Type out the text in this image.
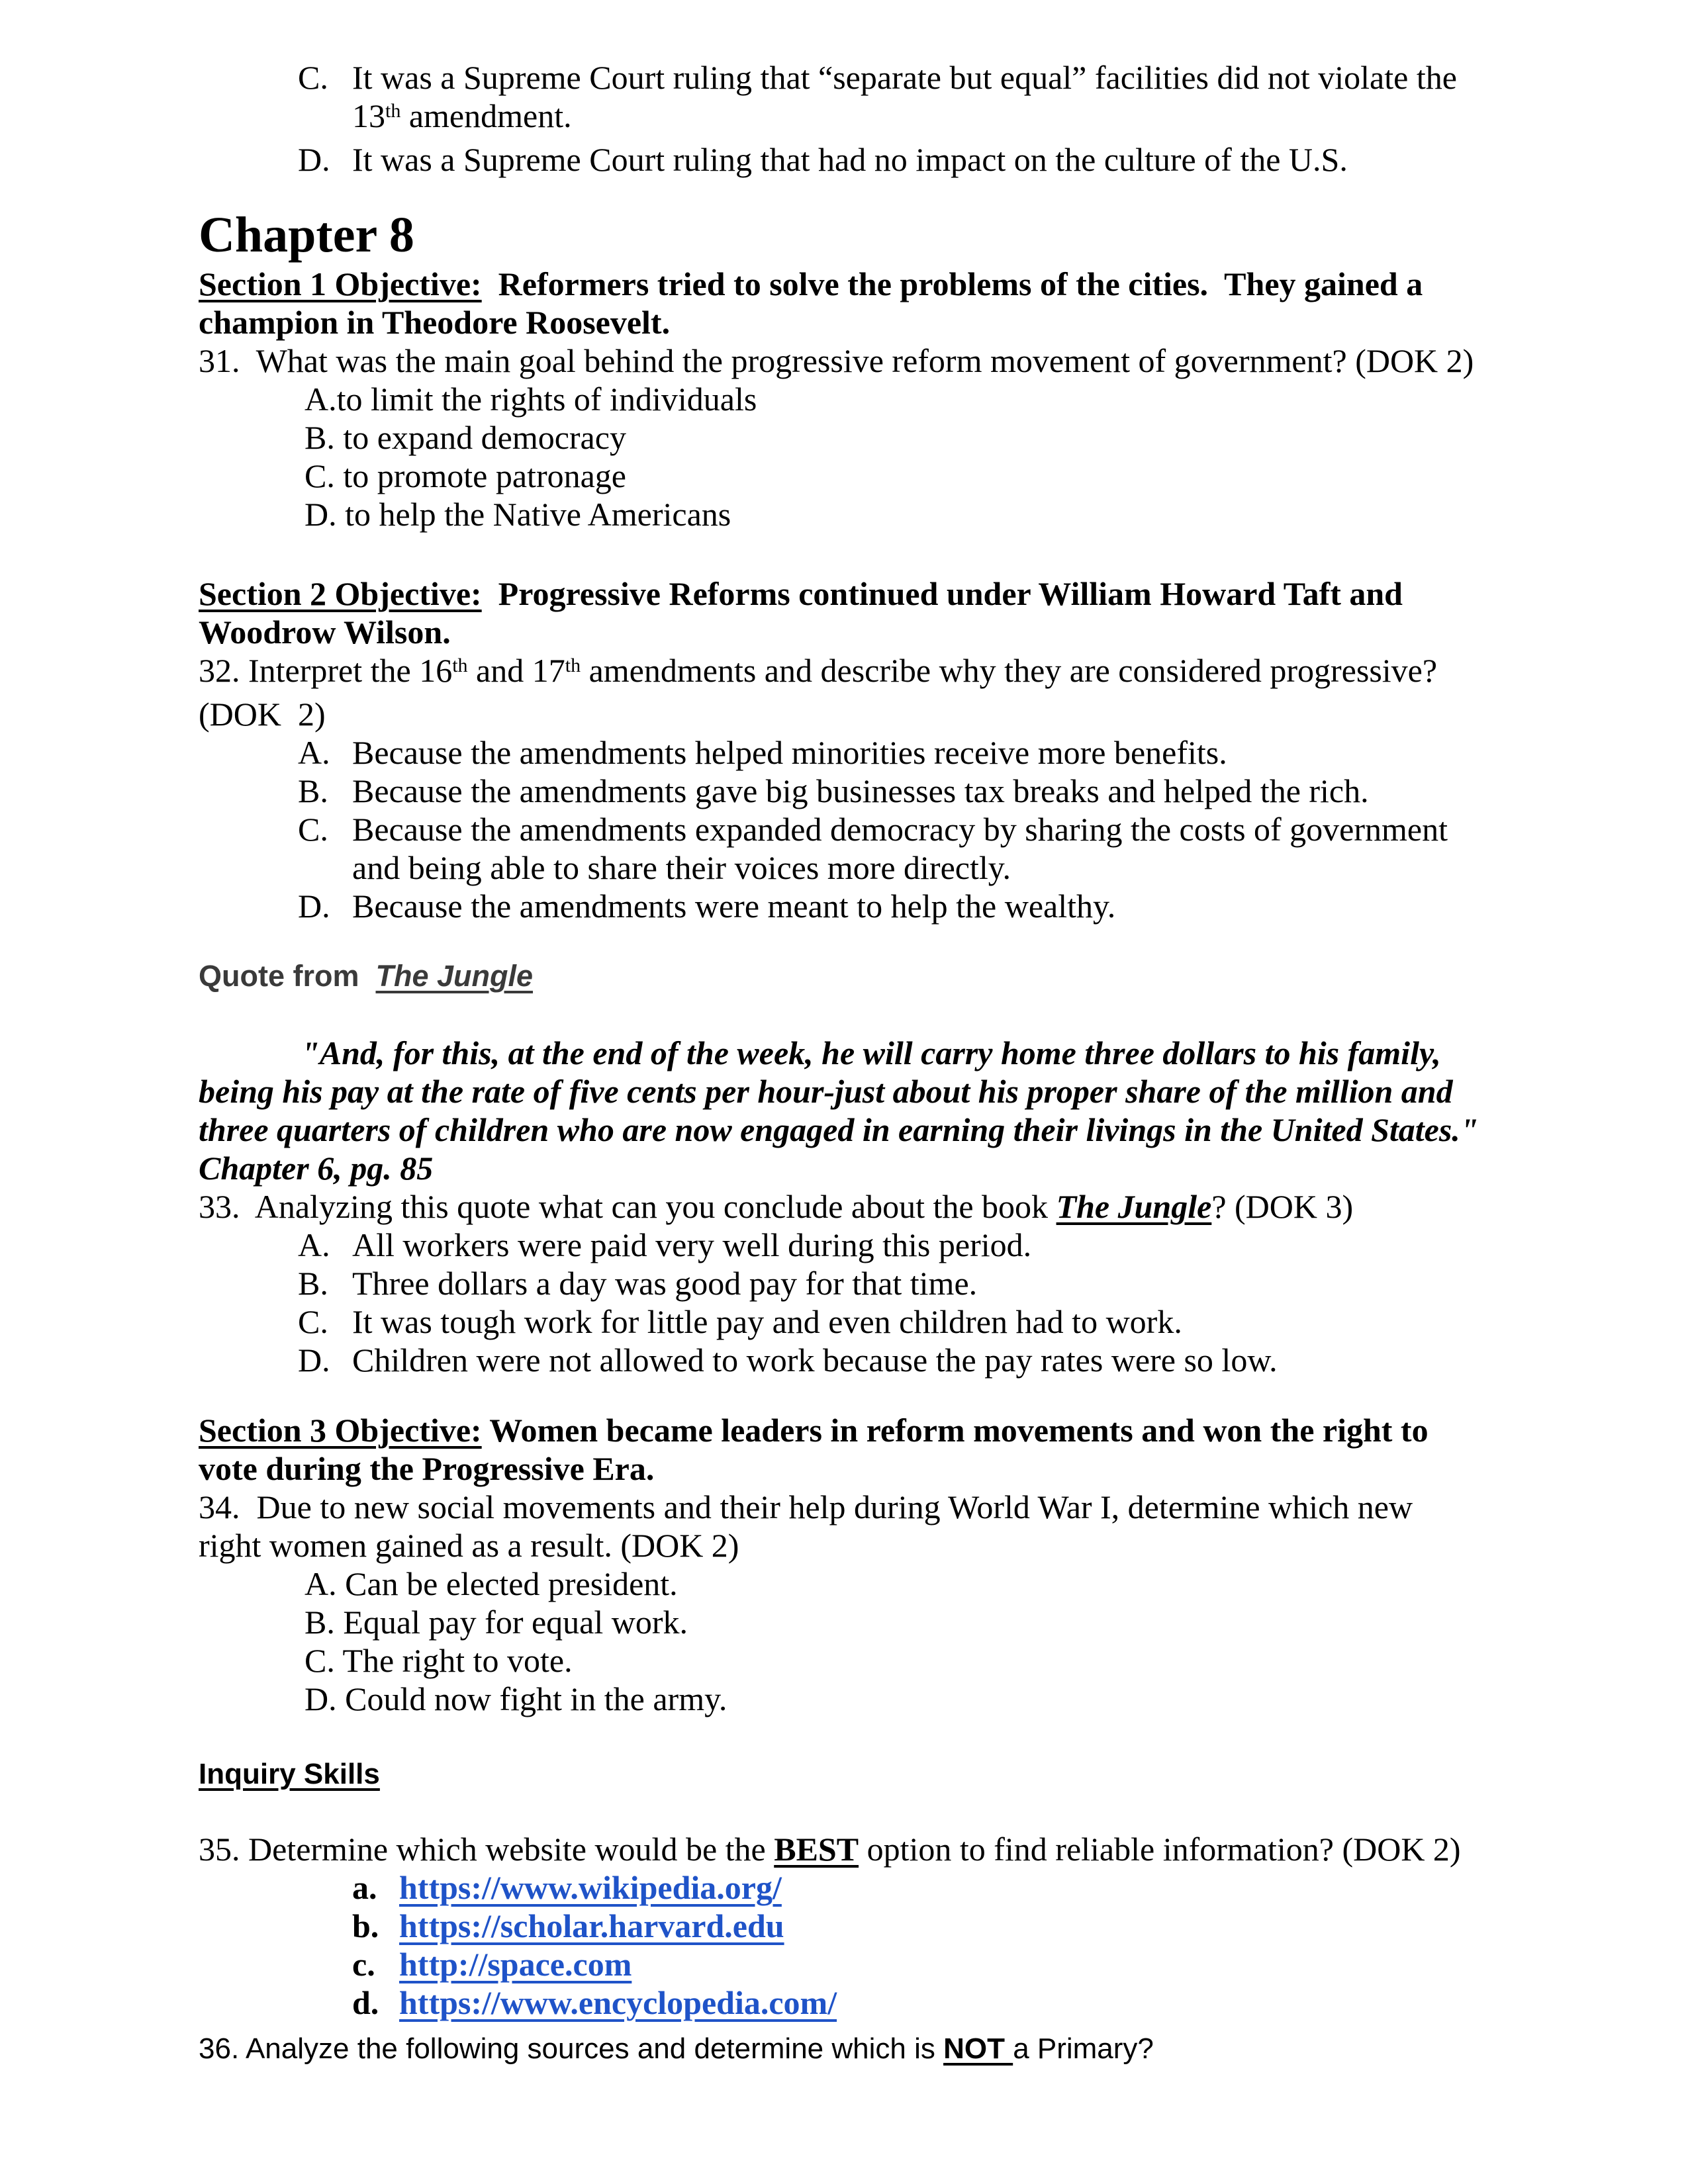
C. It was a Supreme Court ruling that “separate but equal” facilities did not violate the
13th amendment.
D. It was a Supreme Court ruling that had no impact on the culture of the U.S.
Chapter 8
Section 1 Objective:  Reformers tried to solve the problems of the cities.  They gained a
champion in Theodore Roosevelt.
31.  What was the main goal behind the progressive reform movement of government? (DOK 2)
A.to limit the rights of individuals
B. to expand democracy
C. to promote patronage
D. to help the Native Americans
Section 2 Objective:  Progressive Reforms continued under William Howard Taft and
Woodrow Wilson.
32. Interpret the 16th and 17th amendments and describe why they are considered progressive?
(DOK  2)
A. Because the amendments helped minorities receive more benefits.
B. Because the amendments gave big businesses tax breaks and helped the rich.
C. Because the amendments expanded democracy by sharing the costs of government
and being able to share their voices more directly.
D. Because the amendments were meant to help the wealthy.
Quote from  The Jungle
"And, for this, at the end of the week, he will carry home three dollars to his family,
being his pay at the rate of five cents per hour-just about his proper share of the million and
three quarters of children who are now engaged in earning their livings in the United States."
Chapter 6, pg. 85
33.  Analyzing this quote what can you conclude about the book The Jungle? (DOK 3)
A. All workers were paid very well during this period.
B. Three dollars a day was good pay for that time.
C. It was tough work for little pay and even children had to work.
D. Children were not allowed to work because the pay rates were so low.
Section 3 Objective: Women became leaders in reform movements and won the right to
vote during the Progressive Era.
34.  Due to new social movements and their help during World War I, determine which new
right women gained as a result. (DOK 2)
A. Can be elected president.
B. Equal pay for equal work.
C. The right to vote.
D. Could now fight in the army.
Inquiry Skills
35. Determine which website would be the BEST option to find reliable information? (DOK 2)
a. https://www.wikipedia.org/
b. https://scholar.harvard.edu
c. http://space.com
d. https://www.encyclopedia.com/
36. Analyze the following sources and determine which is NOT a Primary?
